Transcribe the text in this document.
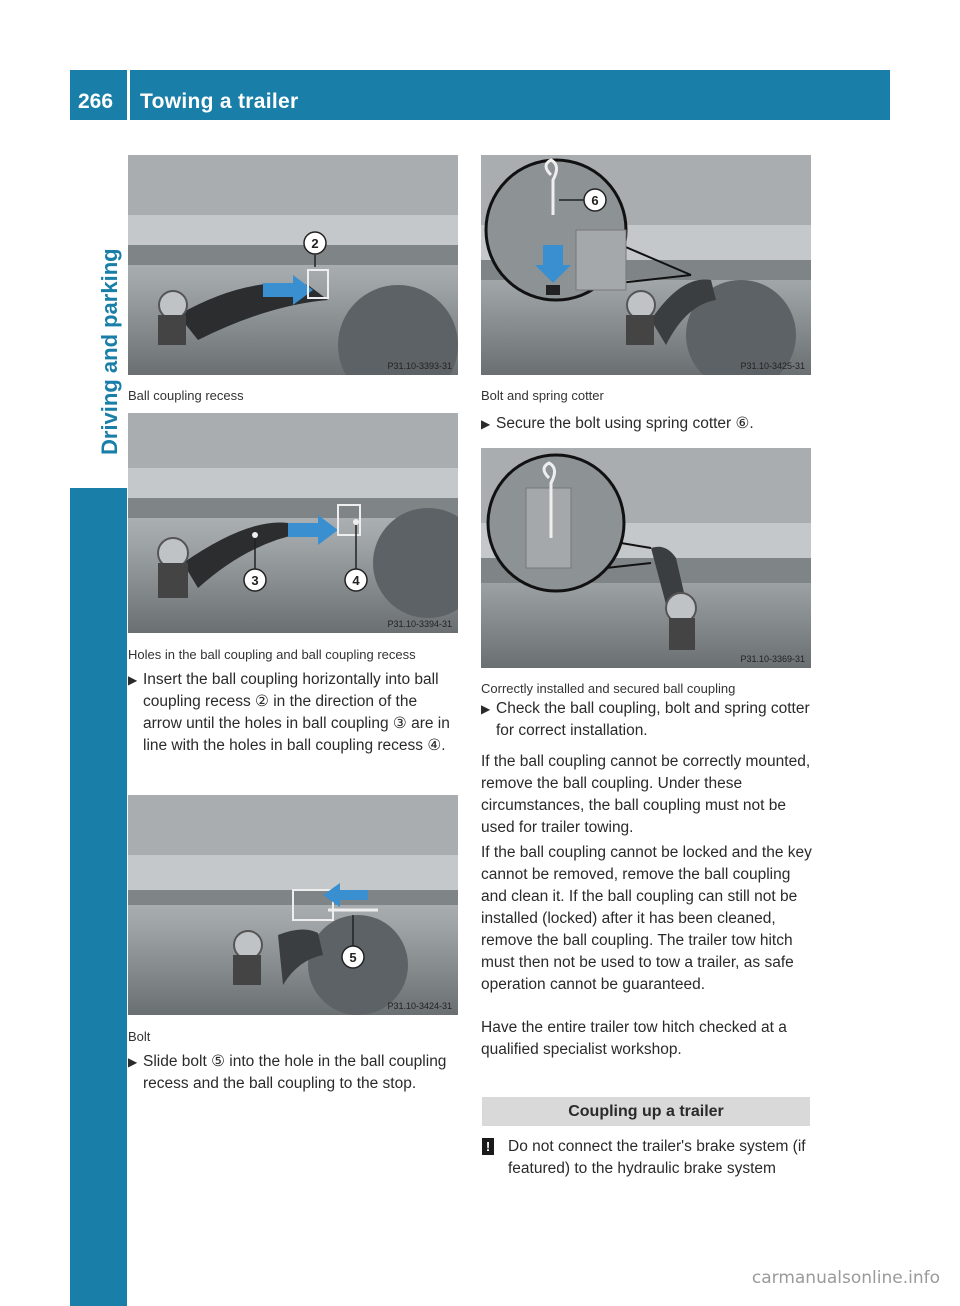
266 Towing a trailer
Driving and parking
2
P31.10-3393-31
Ball coupling recess
3	4
P31.10-3394-31
Holes in the ball coupling and ball coupling recess
▶ Insert the ball coupling horizontally into ball coupling recess ② in the direction of the arrow until the holes in ball coupling ③ are in line with the holes in ball coupling recess ④.
5
P31.10-3424-31
Bolt
▶ Slide bolt ⑤ into the hole in the ball coupling recess and the ball coupling to the stop.
6
P31.10-3425-31
Bolt and spring cotter
▶ Secure the bolt using spring cotter ⑥.
P31.10-3369-31
Correctly installed and secured ball coupling
▶ Check the ball coupling, bolt and spring cotter for correct installation.
If the ball coupling cannot be correctly mounted, remove the ball coupling. Under these circumstances, the ball coupling must not be used for trailer towing.
If the ball coupling cannot be locked and the key cannot be removed, remove the ball coupling and clean it. If the ball coupling can still not be installed (locked) after it has been cleaned, remove the ball coupling. The trailer tow hitch must then not be used to tow a trailer, as safe operation cannot be guaranteed.
Have the entire trailer tow hitch checked at a qualified specialist workshop.
Coupling up a trailer
!	Do not connect the trailer's brake system (if featured) to the hydraulic brake system
carmanualsonline.info
